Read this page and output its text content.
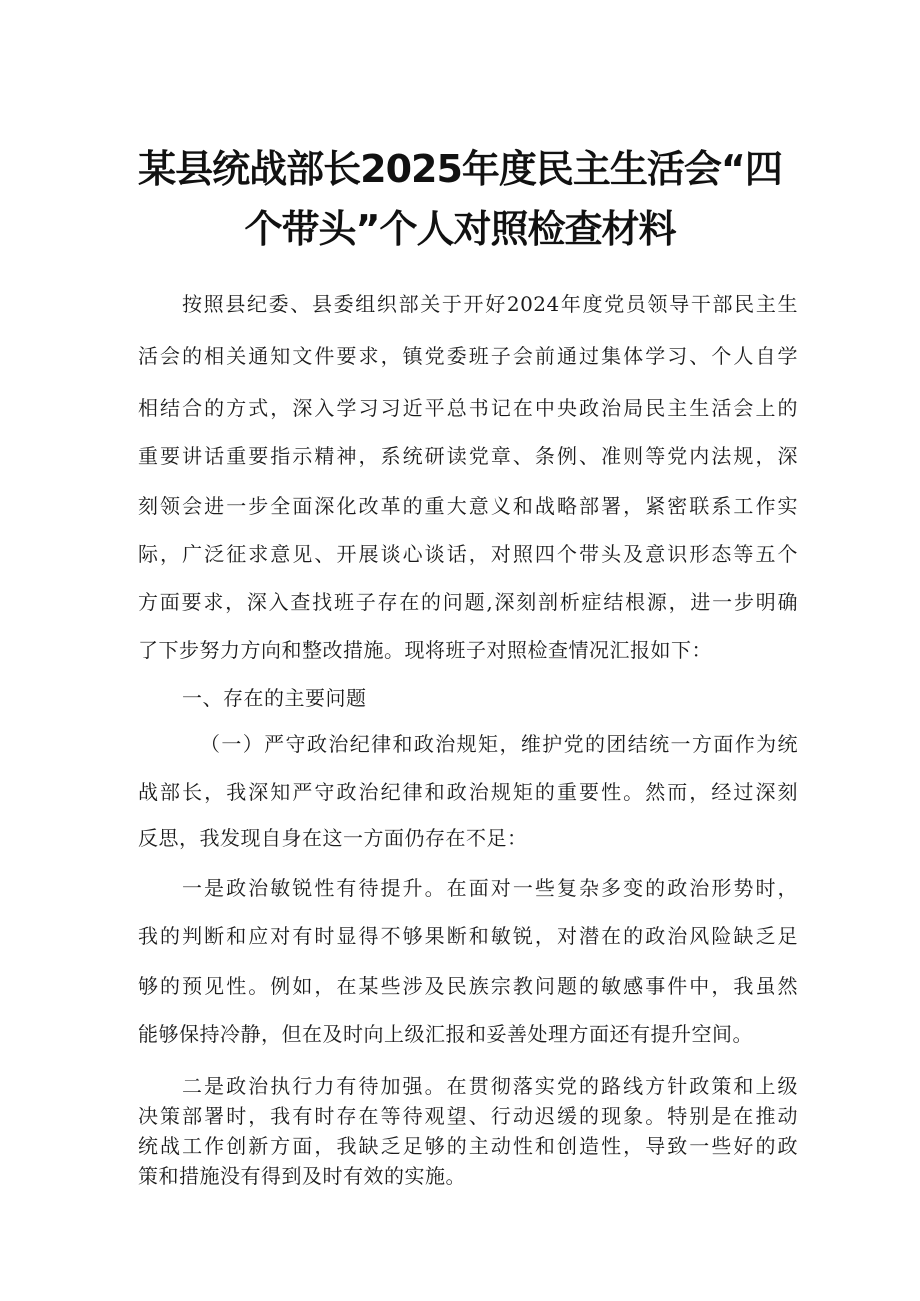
某县统战部长2025年度民主生活会“四
个带头”个人对照检查材料
按照县纪委、县委组织部关于开好2024年度党员领导干部民主生
活会的相关通知文件要求，镇党委班子会前通过集体学习、个人自学
相结合的方式，深入学习习近平总书记在中央政治局民主生活会上的
重要讲话重要指示精神，系统研读党章、条例、准则等党内法规，深
刻领会进一步全面深化改革的重大意义和战略部署，紧密联系工作实
际，广泛征求意见、开展谈心谈话，对照四个带头及意识形态等五个
方面要求，深入查找班子存在的问题,深刻剖析症结根源，进一步明确
了下步努力方向和整改措施。现将班子对照检查情况汇报如下：
一、存在的主要问题
（一）严守政治纪律和政治规矩，维护党的团结统一方面作为统
战部长，我深知严守政治纪律和政治规矩的重要性。然而，经过深刻
反思，我发现自身在这一方面仍存在不足：
一是政治敏锐性有待提升。在面对一些复杂多变的政治形势时，
我的判断和应对有时显得不够果断和敏锐，对潜在的政治风险缺乏足
够的预见性。例如，在某些涉及民族宗教问题的敏感事件中，我虽然
能够保持冷静，但在及时向上级汇报和妥善处理方面还有提升空间。
二是政治执行力有待加强。在贯彻落实党的路线方针政策和上级
决策部署时，我有时存在等待观望、行动迟缓的现象。特别是在推动
统战工作创新方面，我缺乏足够的主动性和创造性，导致一些好的政
策和措施没有得到及时有效的实施。
